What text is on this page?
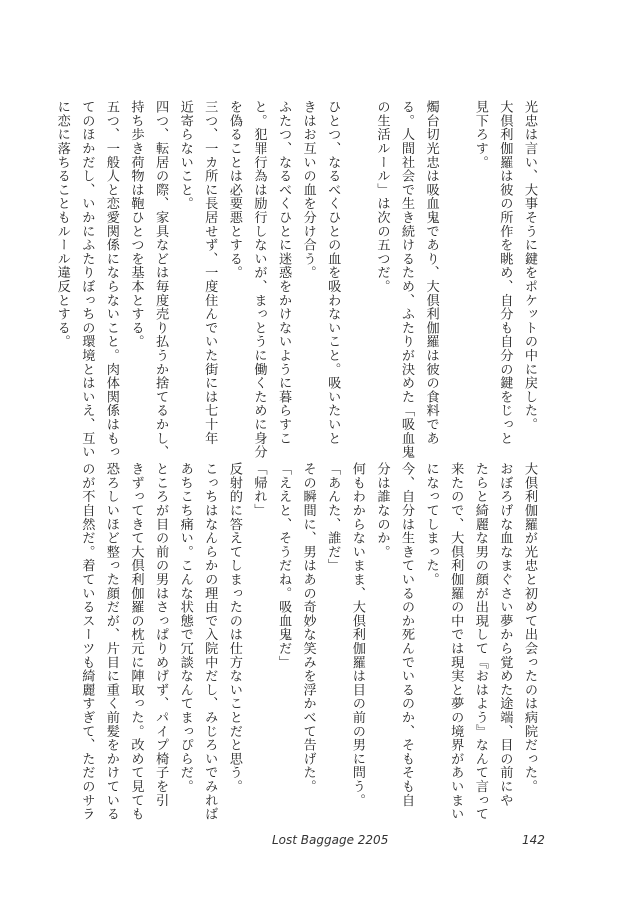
光忠は言い、大事そうに鍵をポケットの中に戻した。
大倶利伽羅は彼の所作を眺め、自分も自分の鍵をじっと
見下ろす。

燭台切光忠は吸血鬼であり、大倶利伽羅は彼の食料であ
る。人間社会で生き続けるため、ふたりが決めた「吸血鬼
の生活ルール」は次の五つだ。

ひとつ、なるべくひとの血を吸わないこと。吸いたいと
きはお互いの血を分け合う。
ふたつ、なるべくひとに迷惑をかけないように暮らすこ
と。犯罪行為は励行しないが、まっとうに働くために身分
を偽ることは必要悪とする。
三つ、一カ所に長居せず、一度住んでいた街には七十年
近寄らないこと。
四つ、転居の際、家具などは毎度売り払うか捨てるかし、
持ち歩き荷物は鞄ひとつを基本とする。
五つ、一般人と恋愛関係にならないこと。肉体関係はもっ
てのほかだし、いかにふたりぼっちの環境とはいえ、互い
に恋に落ちることもルール違反とする。
大倶利伽羅が光忠と初めて出会ったのは病院だった。
おぼろげな血なまぐさい夢から覚めた途端、目の前にや
たらと綺麗な男の顔が出現して『おはよう』なんて言って
来たので、大倶利伽羅の中では現実と夢の境界があいまい
になってしまった。
今、自分は生きているのか死んでいるのか、そもそも自
分は誰なのか。
何もわからないまま、大倶利伽羅は目の前の男に問う。
「あんた、誰だ」
その瞬間に、男はあの奇妙な笑みを浮かべて告げた。
「ええと、そうだね。吸血鬼だ」
「帰れ」
反射的に答えてしまったのは仕方ないことだと思う。
こっちはなんらかの理由で入院中だし、みじろいでみれば
あちこち痛い。こんな状態で冗談なんてまっぴらだ。
ところが目の前の男はさっぱりめげず、パイプ椅子を引
きずってきて大倶利伽羅の枕元に陣取った。改めて見ても
恐ろしいほど整った顔だが、片目に重く前髪をかけている
のが不自然だ。着ているスーツも綺麗すぎて、ただのサラ
Lost Baggage 2205	142
